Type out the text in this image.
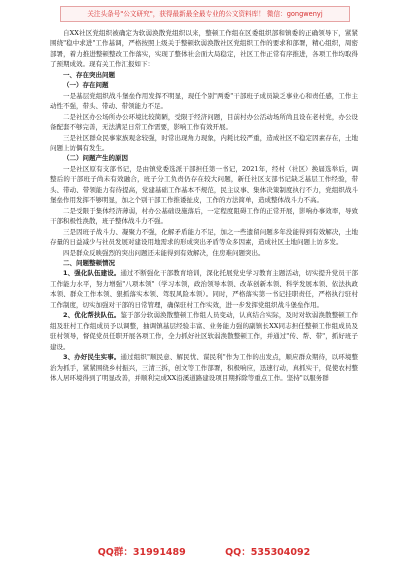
关注头条号"公文研究"，获得最新最全最专业的公文资料库！ 微信：gongwenyj

自XX社区党组织被确定为软弱涣散党组织以来，整顿工作组在区委组织部和镇委的正确领导下，紧紧围绕"稳中求进"工作基调，严格按照上级关于整顿软弱涣散社区党组织工作的要求和部署，精心组织，周密部署，着力推进整顿整改工作落实，实现了整体社会面大局稳定，社区工作正常有序推进，各项工作均取得了预期成效。现有关工作汇报如下：

一、存在突出问题

（一）存在问题

一是基层党组织战斗堡垒作用发挥不明显，现任个别"两委"干部班子成员缺乏事业心和责任感，工作主动性不强，带头、带动、带领能力不足。

二是社区办公场所办公环境比较简陋，受限于经济问题，目前村办公活动场所尚且设在老村党，办公设备配套不够完善，无法满足日常工作需要，影响工作有效开展。

三是社区群众民事家族观念较强，时常出现角力现象，内耗比较严重，造成社区不稳定因素存在，土地问题上访偶有发生。

（二）问题产生的原因

一是社区原有支部书记，是由镇党委选派干部担任第一书记，2021年，经村（社区）换届选举后，调整后的干部班子尚未有效融合，班子分工负责仍存在较大问题，新任社区支部书记缺乏基层工作经验，带头、带动、带领能力有待提高，党建基础工作基本不规范，民主议事、集体决策制度执行不力，党组织战斗堡垒作用发挥不够明显，加之个别干部工作推诿扯皮，工作的方法简单，造成整体战斗力不高。

二是受限于集体经济薄弱，村办公基础设施落后，一定程度阻碍工作的正常开展，影响办事效率，导致干部积极性涣散，班子整体战斗力不强。

三是因班子战斗力、凝聚力不强，化解矛盾能力不足，加之一些遗留问题多年没能得到有效解决，土地存量的日益减少与社员发展对建设用地需求的形成突出矛盾等众多因素，造成社区土地问题上访多发。

四是群众反映强烈的突出问题还未能得到有效解决，住房难问题突出。

二、问题整顿情况

1、强化队伍建设。通过不断强化干部教育培训，深化托展党史学习教育主题活动，切实提升党员干部工作能力水平，努力增强"八项本领"（学习本领，政治领导本领、改革创新本领、科学发展本领、依法执政本领、群众工作本领、狠抓落实本领、驾驭风险本领）。同时，严格落实第一书记挂职责任，严格执行驻村工作制度，切实加强对干部的日常管理，确保驻村工作实效，进一步发挥党组织战斗堡垒作用。

2、优化帮扶队伍。鉴于部分软弱涣散整顿工作组人员变动，认真结合实际，及时对软弱涣散整顿工作组及驻村工作组成员予以调整，抽调镇基层经验丰富、业务能力强的副镇长XX同志担任整顿工作组成员及驻村领导，督促党员任职开展各项工作，全力抓好社区软弱涣散整顿工作，并通过"传、帮、带"，抓好班子建设。

3、办好民生实事。通过组织"顺民意、解民忧、谋民利"作为工作的出发点，顺应群众期待，以环境整治为抓手，紧紧围绕乡村振兴，三清三拆，创文等工作部署，积极响应，迅速行动，真抓实干，促使农村整体人居环境得到了明显改善，并顺利完成XX沿溪道路建设项目期拆除等重点工作。坚持"以服务群

QQ群：31991489	QQ：535304092
